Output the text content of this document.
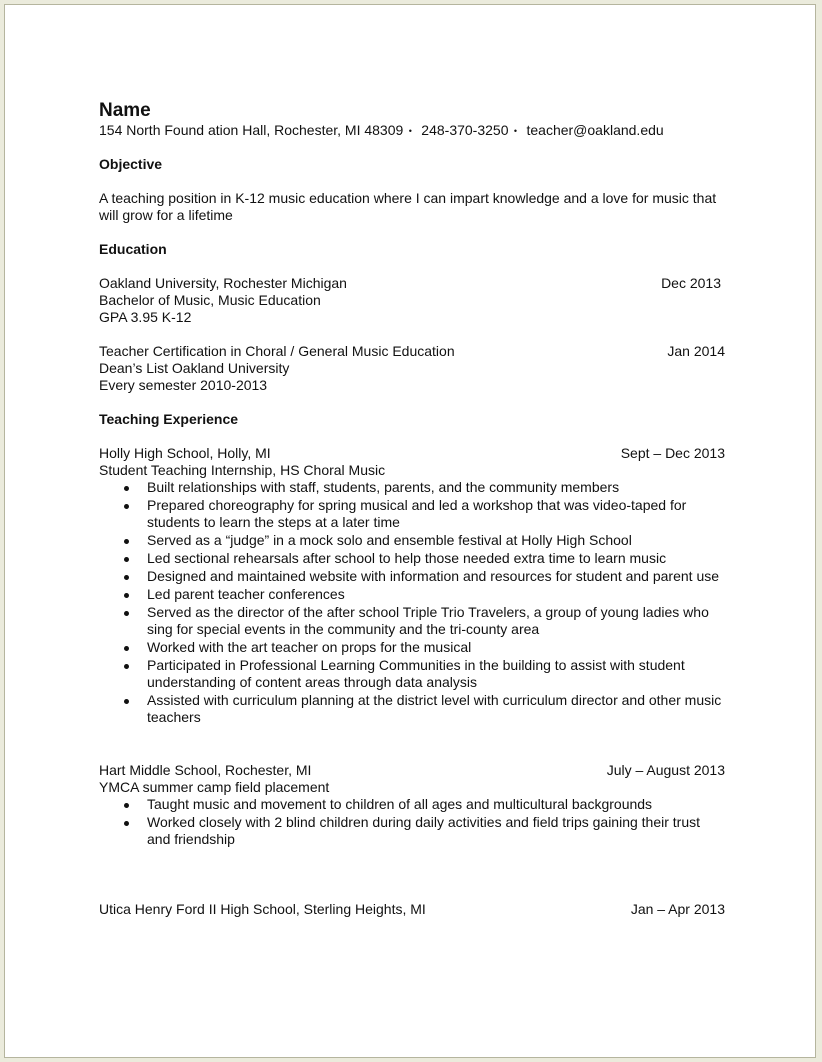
Name

154 North Found ation Hall, Rochester, MI 48309 • 248-370-3250 • teacher@oakland.edu

Objective

A teaching position in K-12 music education where I can impart knowledge and a love for music that will grow for a lifetime

Education

Oakland University, Rochester Michigan	Dec 2013

Bachelor of Music, Music Education

GPA 3.95 K-12

Teacher Certification in Choral / General Music Education	Jan 2014

Dean’s List Oakland University

Every semester 2010-2013

Teaching Experience

Holly High School, Holly, MI	Sept – Dec 2013

Student Teaching Internship, HS Choral Music

Built relationships with staff, students, parents, and the community members
Prepared choreography for spring musical and led a workshop that was video-taped for students to learn the steps at a later time
Served as a “judge” in a mock solo and ensemble festival at Holly High School
Led sectional rehearsals after school to help those needed extra time to learn music
Designed and maintained website with information and resources for student and parent use
Led parent teacher conferences
Served as the director of the after school Triple Trio Travelers, a group of young ladies who sing for special events in the community and the tri-county area
Worked with the art teacher on props for the musical
Participated in Professional Learning Communities in the building to assist with student understanding of content areas through data analysis
Assisted with curriculum planning at the district level with curriculum director and other music teachers
Hart Middle School, Rochester, MI	July – August 2013

YMCA summer camp field placement

Taught music and movement to children of all ages and multicultural backgrounds
Worked closely with 2 blind children during daily activities and field trips gaining their trust and friendship
Utica Henry Ford II High School, Sterling Heights, MI	Jan – Apr 2013
